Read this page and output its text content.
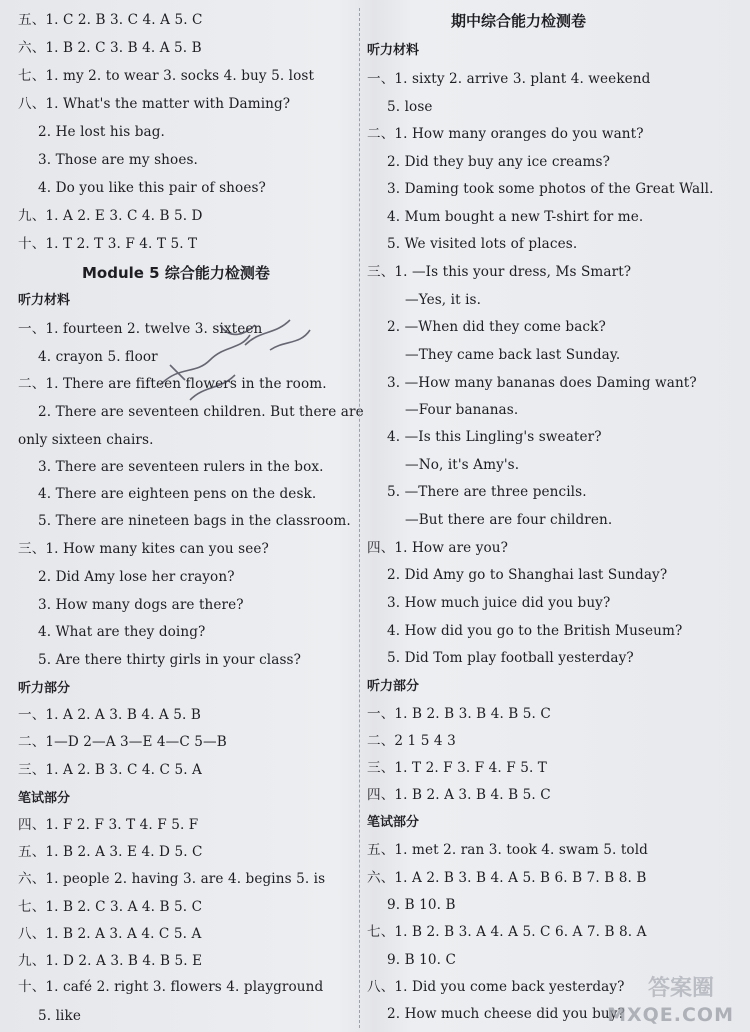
五、1. C 2. B 3. C 4. A 5. C
六、1. B 2. C 3. B 4. A 5. B
七、1. my 2. to wear 3. socks 4. buy 5. lost
八、1. What's the matter with Daming?
2. He lost his bag.
3. Those are my shoes.
4. Do you like this pair of shoes?
九、1. A 2. E 3. C 4. B 5. D
十、1. T 2. T 3. F 4. T 5. T
Module 5 综合能力检测卷
听力材料
一、1. fourteen 2. twelve 3. sixteen
4. crayon 5. floor
二、1. There are fifteen flowers in the room.
2. There are seventeen children. But there are
only sixteen chairs.
3. There are seventeen rulers in the box.
4. There are eighteen pens on the desk.
5. There are nineteen bags in the classroom.
三、1. How many kites can you see?
2. Did Amy lose her crayon?
3. How many dogs are there?
4. What are they doing?
5. Are there thirty girls in your class?
听力部分
一、1. A 2. A 3. B 4. A 5. B
二、1—D 2—A 3—E 4—C 5—B
三、1. A 2. B 3. C 4. C 5. A
笔试部分
四、1. F 2. F 3. T 4. F 5. F
五、1. B 2. A 3. E 4. D 5. C
六、1. people 2. having 3. are 4. begins 5. is
七、1. B 2. C 3. A 4. B 5. C
八、1. B 2. A 3. A 4. C 5. A
九、1. D 2. A 3. B 4. B 5. E
十、1. café 2. right 3. flowers 4. playground
5. like
期中综合能力检测卷
听力材料
一、1. sixty 2. arrive 3. plant 4. weekend
5. lose
二、1. How many oranges do you want?
2. Did they buy any ice creams?
3. Daming took some photos of the Great Wall.
4. Mum bought a new T-shirt for me.
5. We visited lots of places.
三、1. —Is this your dress, Ms Smart?
—Yes, it is.
2. —When did they come back?
—They came back last Sunday.
3. —How many bananas does Daming want?
—Four bananas.
4. —Is this Lingling's sweater?
—No, it's Amy's.
5. —There are three pencils.
—But there are four children.
四、1. How are you?
2. Did Amy go to Shanghai last Sunday?
3. How much juice did you buy?
4. How did you go to the British Museum?
5. Did Tom play football yesterday?
听力部分
一、1. B 2. B 3. B 4. B 5. C
二、2 1 5 4 3
三、1. T 2. F 3. F 4. F 5. T
四、1. B 2. A 3. B 4. B 5. C
笔试部分
五、1. met 2. ran 3. took 4. swam 5. told
六、1. A 2. B 3. B 4. A 5. B 6. B 7. B 8. B
9. B 10. B
七、1. B 2. B 3. A 4. A 5. C 6. A 7. B 8. A
9. B 10. C
八、1. Did you come back yesterday?
2. How much cheese did you buy?
答案圈
MXQE.COM
